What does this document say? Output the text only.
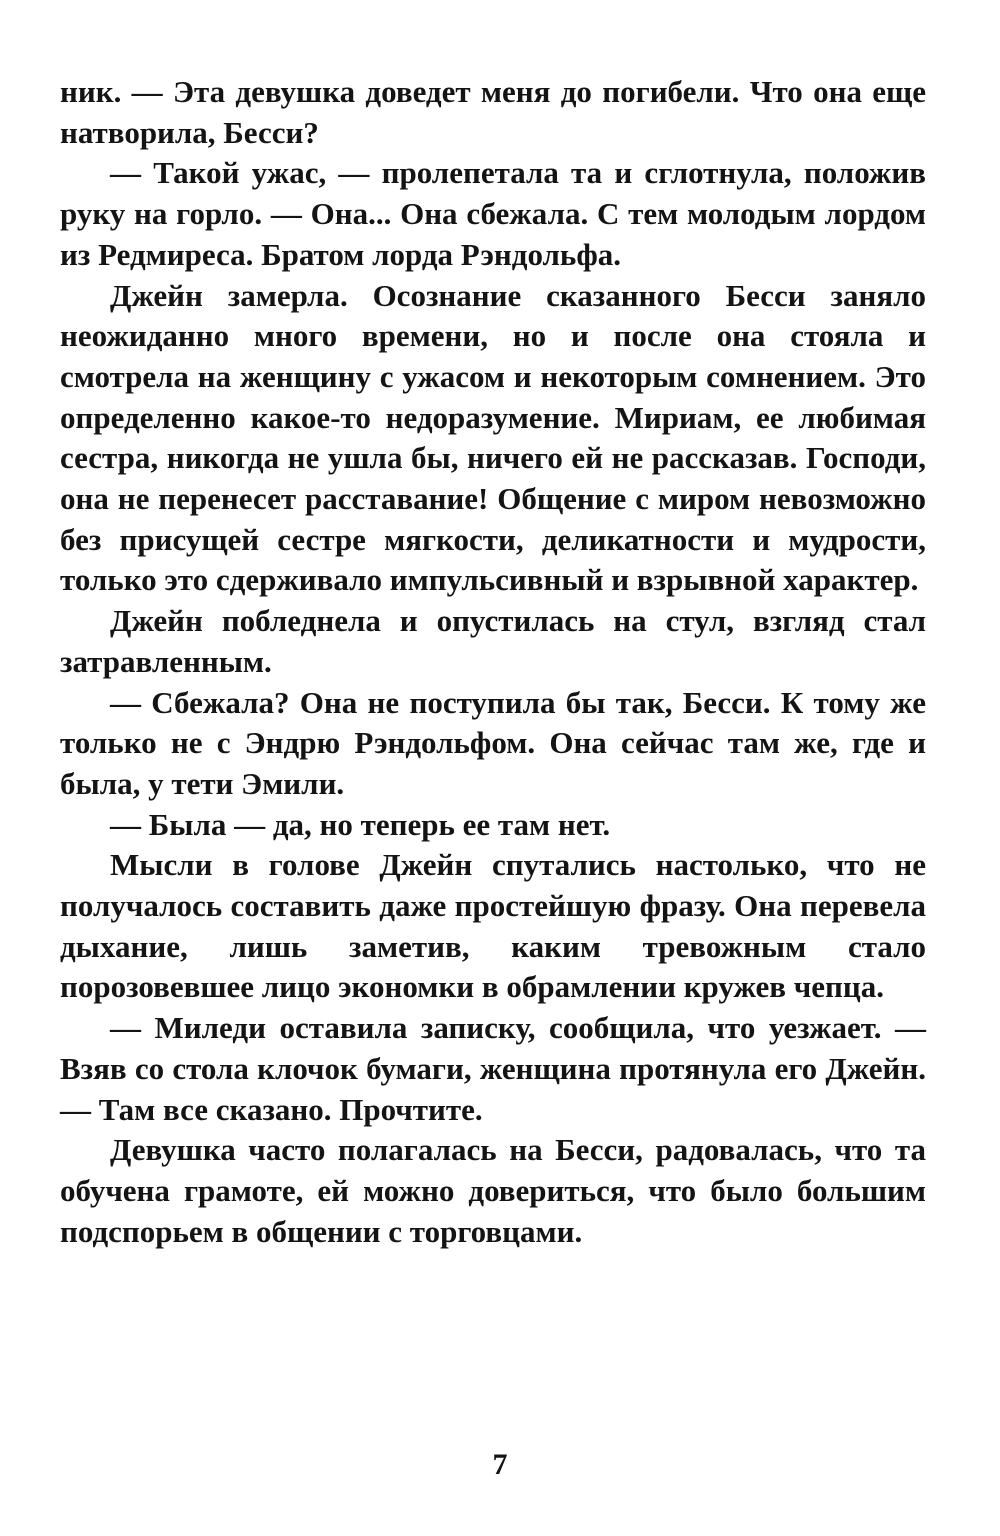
ник. — Эта девушка доведет меня до погибели. Что она еще натворила, Бесси?

— Такой ужас, — пролепетала та и сглотнула, положив руку на горло. — Она... Она сбежала. С тем молодым лордом из Редмиреса. Братом лорда Рэндольфа.

Джейн замерла. Осознание сказанного Бесси заняло неожиданно много времени, но и после она стояла и смотрела на женщину с ужасом и некоторым сомнением. Это определенно какое-то недоразумение. Мириам, ее любимая сестра, никогда не ушла бы, ничего ей не рассказав. Господи, она не перенесет расставание! Общение с миром невозможно без присущей сестре мягкости, деликатности и мудрости, только это сдерживало импульсивный и взрывной характер.

Джейн побледнела и опустилась на стул, взгляд стал затравленным.

— Сбежала? Она не поступила бы так, Бесси. К тому же только не с Эндрю Рэндольфом. Она сейчас там же, где и была, у тети Эмили.

— Была — да, но теперь ее там нет.

Мысли в голове Джейн спутались настолько, что не получалось составить даже простейшую фразу. Она перевела дыхание, лишь заметив, каким тревожным стало порозовевшее лицо экономки в обрамлении кружев чепца.

— Миледи оставила записку, сообщила, что уезжает. — Взяв со стола клочок бумаги, женщина протянула его Джейн. — Там все сказано. Прочтите.

Девушка часто полагалась на Бесси, радовалась, что та обучена грамоте, ей можно довериться, что было большим подспорьем в общении с торговцами.

7
